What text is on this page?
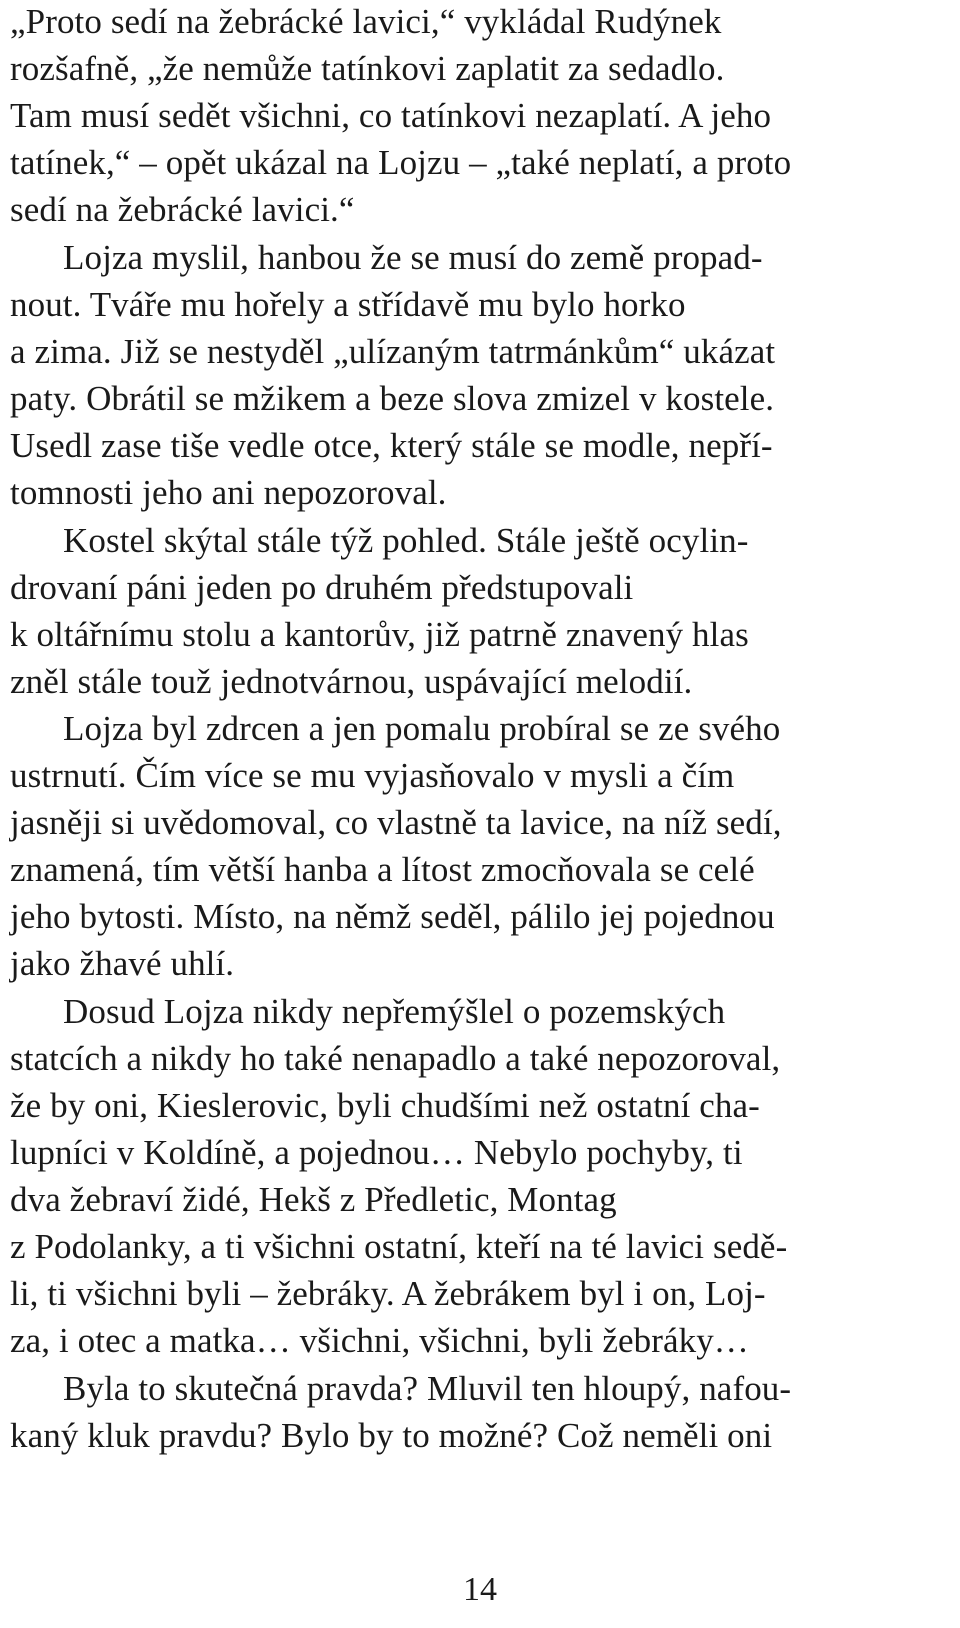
„Proto sedí na žebrácké lavici,“ vykládal Rudýnek
rozšafně, „že nemůže tatínkovi zaplatit za sedadlo.
Tam musí sedět všichni, co tatínkovi nezaplatí. A jeho
tatínek,“ – opět ukázal na Lojzu – „také neplatí, a proto
sedí na žebrácké lavici.“
Lojza myslil, hanbou že se musí do země propad-
nout. Tváře mu hořely a střídavě mu bylo horko
a zima. Již se nestyděl „ulízaným tatrmánkům“ ukázat
paty. Obrátil se mžikem a beze slova zmizel v kostele.
Usedl zase tiše vedle otce, který stále se modle, nepří-
tomnosti jeho ani nepozoroval.
Kostel skýtal stále týž pohled. Stále ještě ocylin-
drovaní páni jeden po druhém předstupovali
k oltářnímu stolu a kantorův, již patrně znavený hlas
zněl stále touž jednotvárnou, uspávající melodií.
Lojza byl zdrcen a jen pomalu probíral se ze svého
ustrnutí. Čím více se mu vyjasňovalo v mysli a čím
jasněji si uvědomoval, co vlastně ta lavice, na níž sedí,
znamená, tím větší hanba a lítost zmocňovala se celé
jeho bytosti. Místo, na němž seděl, pálilo jej pojednou
jako žhavé uhlí.
Dosud Lojza nikdy nepřemýšlel o pozemských
statcích a nikdy ho také nenapadlo a také nepozoroval,
že by oni, Kieslerovic, byli chudšími než ostatní cha-
lupníci v Koldíně, a pojednou… Nebylo pochyby, ti
dva žebraví židé, Hekš z Předletic, Montag
z Podolanky, a ti všichni ostatní, kteří na té lavici sedě-
li, ti všichni byli – žebráky. A žebrákem byl i on, Loj-
za, i otec a matka… všichni, všichni, byli žebráky…
Byla to skutečná pravda? Mluvil ten hloupý, nafou-
kaný kluk pravdu? Bylo by to možné? Což neměli oni
14
